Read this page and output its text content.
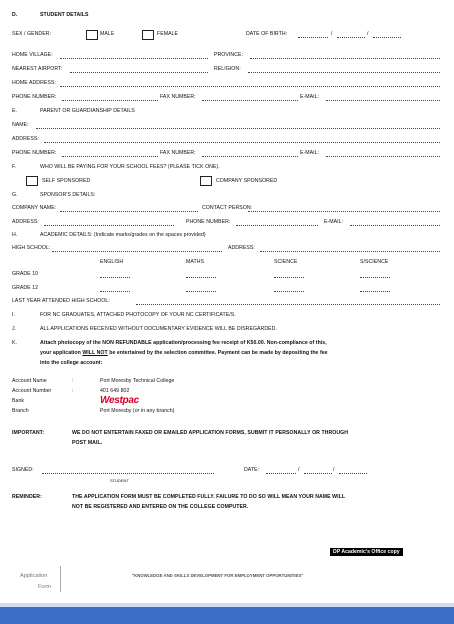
D.	STUDENT DETAILS
SEX / GENDER:	MALE	FEMALE	DATE OF BIRTH:	/	/
HOME VILLAGE:	PROVINCE:
NEAREST AIRPORT:	RELIGION:
HOME ADDRESS:
PHONE NUMBER:	FAX NUMBER:	E-MAIL:
E.	PARENT OR GUARDIANSHIP DETAILS
NAME:
ADDRESS:
PHONE NUMBER:	FAX NUMBER:	E-MAIL:
F.	WHO WILL BE PAYING FOR YOUR SCHOOL FEES? (PLEASE TICK ONE).
SELF SPONSORED	COMPANY SPONSORED
G.	SPONSOR'S DETAILS:
COMPANY NAME:	CONTACT PERSON:
ADDRESS:	PHONE NUMBER:	E-MAIL:
H.	ACADEMIC DETAILS: (Indicate marks/grades on the spaces provided)
HIGH SCHOOL:	ADDRESS:
ENGLISH	MATHS	SCIENCE	S/SCIENCE
GRADE 10
GRADE 12
LAST YEAR ATTENDED HIGH SCHOOL:
I.	FOR NC GRADUATES, ATTACHED PHOTOCOPY OF YOUR NC CERTIFICATE/S.
J.	ALL APPLICATIONS RECEIVED WITHOUT DOCUMENTARY EVIDENCE WILL BE DISREGARDED.
K.	Attach photocopy of the NON REFUNDABLE application/processing fee receipt of K50.00. Non-compliance of this,
your application WILL NOT be entertained by the selection committee. Payment can be made by depositing the fee
into the college account:
Account Name	:	Port Moresby Technical College
Account Number	:	401 649 802
Bank	Westpac
Branch	Port Moresby (or in any branch)
IMPORTANT:	WE DO NOT ENTERTAIN FAXED OR EMAILED APPLICATION FORMS, SUBMIT IT PERSONALLY OR THROUGH
POST MAIL.
SIGNED:
STUDENT
DATE:	/	/
REMINDER:	THE APPLICATION FORM MUST BE COMPLETED FULLY. FAILURE TO DO SO WILL MEAN YOUR NAME WILL
NOT BE REGISTERED AND ENTERED ON THE COLLEGE COMPUTER.
DP Academic's Office copy
Application
Form
"KNOWLEDGE AND SKILLS DEVELOPMENT FOR EMPLOYMENT OPPORTUNITIES"
